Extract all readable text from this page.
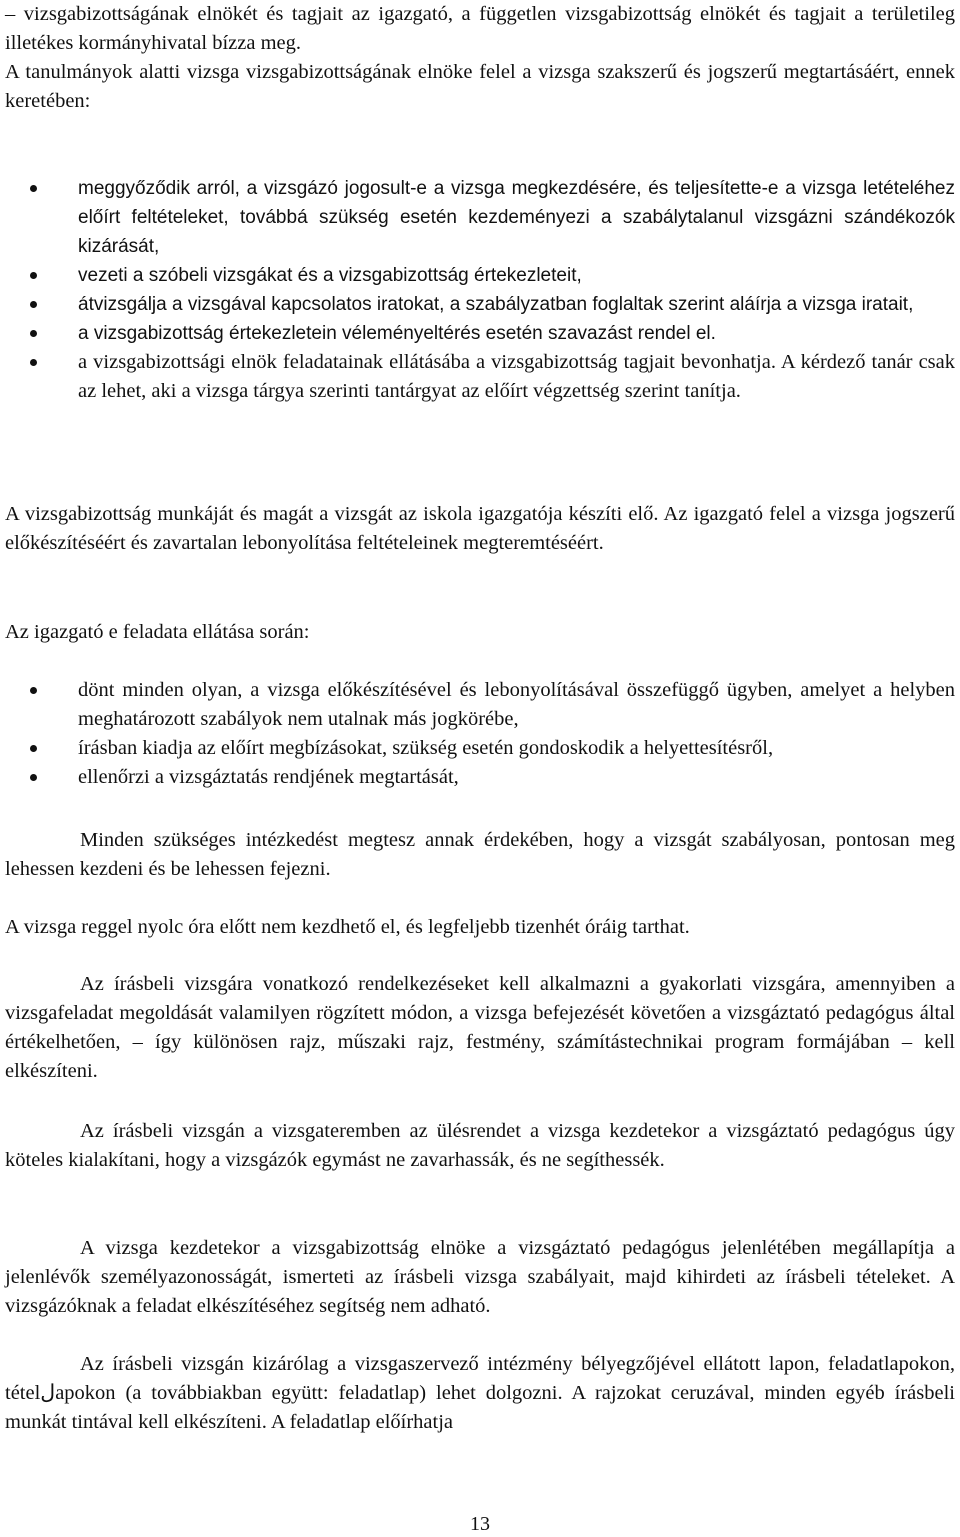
– vizsgabizottságának elnökét és tagjait az igazgató, a független vizsgabizottság elnökét és tagjait a területileg illetékes kormányhivatal bízza meg.

A tanulmányok alatti vizsga vizsgabizottságának elnöke felel a vizsga szakszerű és jogszerű megtartásáért, ennek keretében:

meggyőződik arról, a vizsgázó jogosult-e a vizsga megkezdésére, és teljesítette-e a vizsga letételéhez előírt feltételeket, továbbá szükség esetén kezdeményezi a szabálytalanul vizsgázni szándékozók kizárását,
vezeti a szóbeli vizsgákat és a vizsgabizottság értekezleteit,
átvizsgálja a vizsgával kapcsolatos iratokat, a szabályzatban foglaltak szerint aláírja a vizsga iratait,
a vizsgabizottság értekezletein véleményeltérés esetén szavazást rendel el.
a vizsgabizottsági elnök feladatainak ellátásába a vizsgabizottság tagjait bevonhatja. A kérdező tanár csak az lehet, aki a vizsga tárgya szerinti tantárgyat az előírt végzettség szerint tanítja.

A vizsgabizottság munkáját és magát a vizsgát az iskola igazgatója készíti elő. Az igazgató felel a vizsga jogszerű előkészítéséért és zavartalan lebonyolítása feltételeinek megteremtéséért.

Az igazgató e feladata ellátása során:

dönt minden olyan, a vizsga előkészítésével és lebonyolításával összefüggő ügyben, amelyet a helyben meghatározott szabályok nem utalnak más jogkörébe,
írásban kiadja az előírt megbízásokat, szükség esetén gondoskodik a helyettesítésről,
ellenőrzi a vizsgáztatás rendjének megtartását,

Minden szükséges intézkedést megtesz annak érdekében, hogy a vizsgát szabályosan, pontosan meg lehessen kezdeni és be lehessen fejezni.

A vizsga reggel nyolc óra előtt nem kezdhető el, és legfeljebb tizenhét óráig tarthat.

Az írásbeli vizsgára vonatkozó rendelkezéseket kell alkalmazni a gyakorlati vizsgára, amennyiben a vizsgafeladat megoldását valamilyen rögzített módon, a vizsga befejezését követően a vizsgáztató pedagógus által értékelhetően, – így különösen rajz, műszaki rajz, festmény, számítástechnikai program formájában – kell elkészíteni.

Az írásbeli vizsgán a vizsgateremben az ülésrendet a vizsga kezdetekor a vizsgáztató pedagógus úgy köteles kialakítani, hogy a vizsgázók egymást ne zavarhassák, és ne segíthessék.

A vizsga kezdetekor a vizsgabizottság elnöke a vizsgáztató pedagógus jelenlétében megállapítja a jelenlévők személyazonosságát, ismerteti az írásbeli vizsga szabályait, majd kihirdeti az írásbeli tételeket. A vizsgázóknak a feladat elkészítéséhez segítség nem adható.

Az írásbeli vizsgán kizárólag a vizsgaszervező intézmény bélyegzőjével ellátott lapon, feladatlapokon, tételلapokon (a továbbiakban együtt: feladatlap) lehet dolgozni. A rajzokat ceruzával, minden egyéb írásbeli munkát tintával kell elkészíteni. A feladatlap előírhatja

13
